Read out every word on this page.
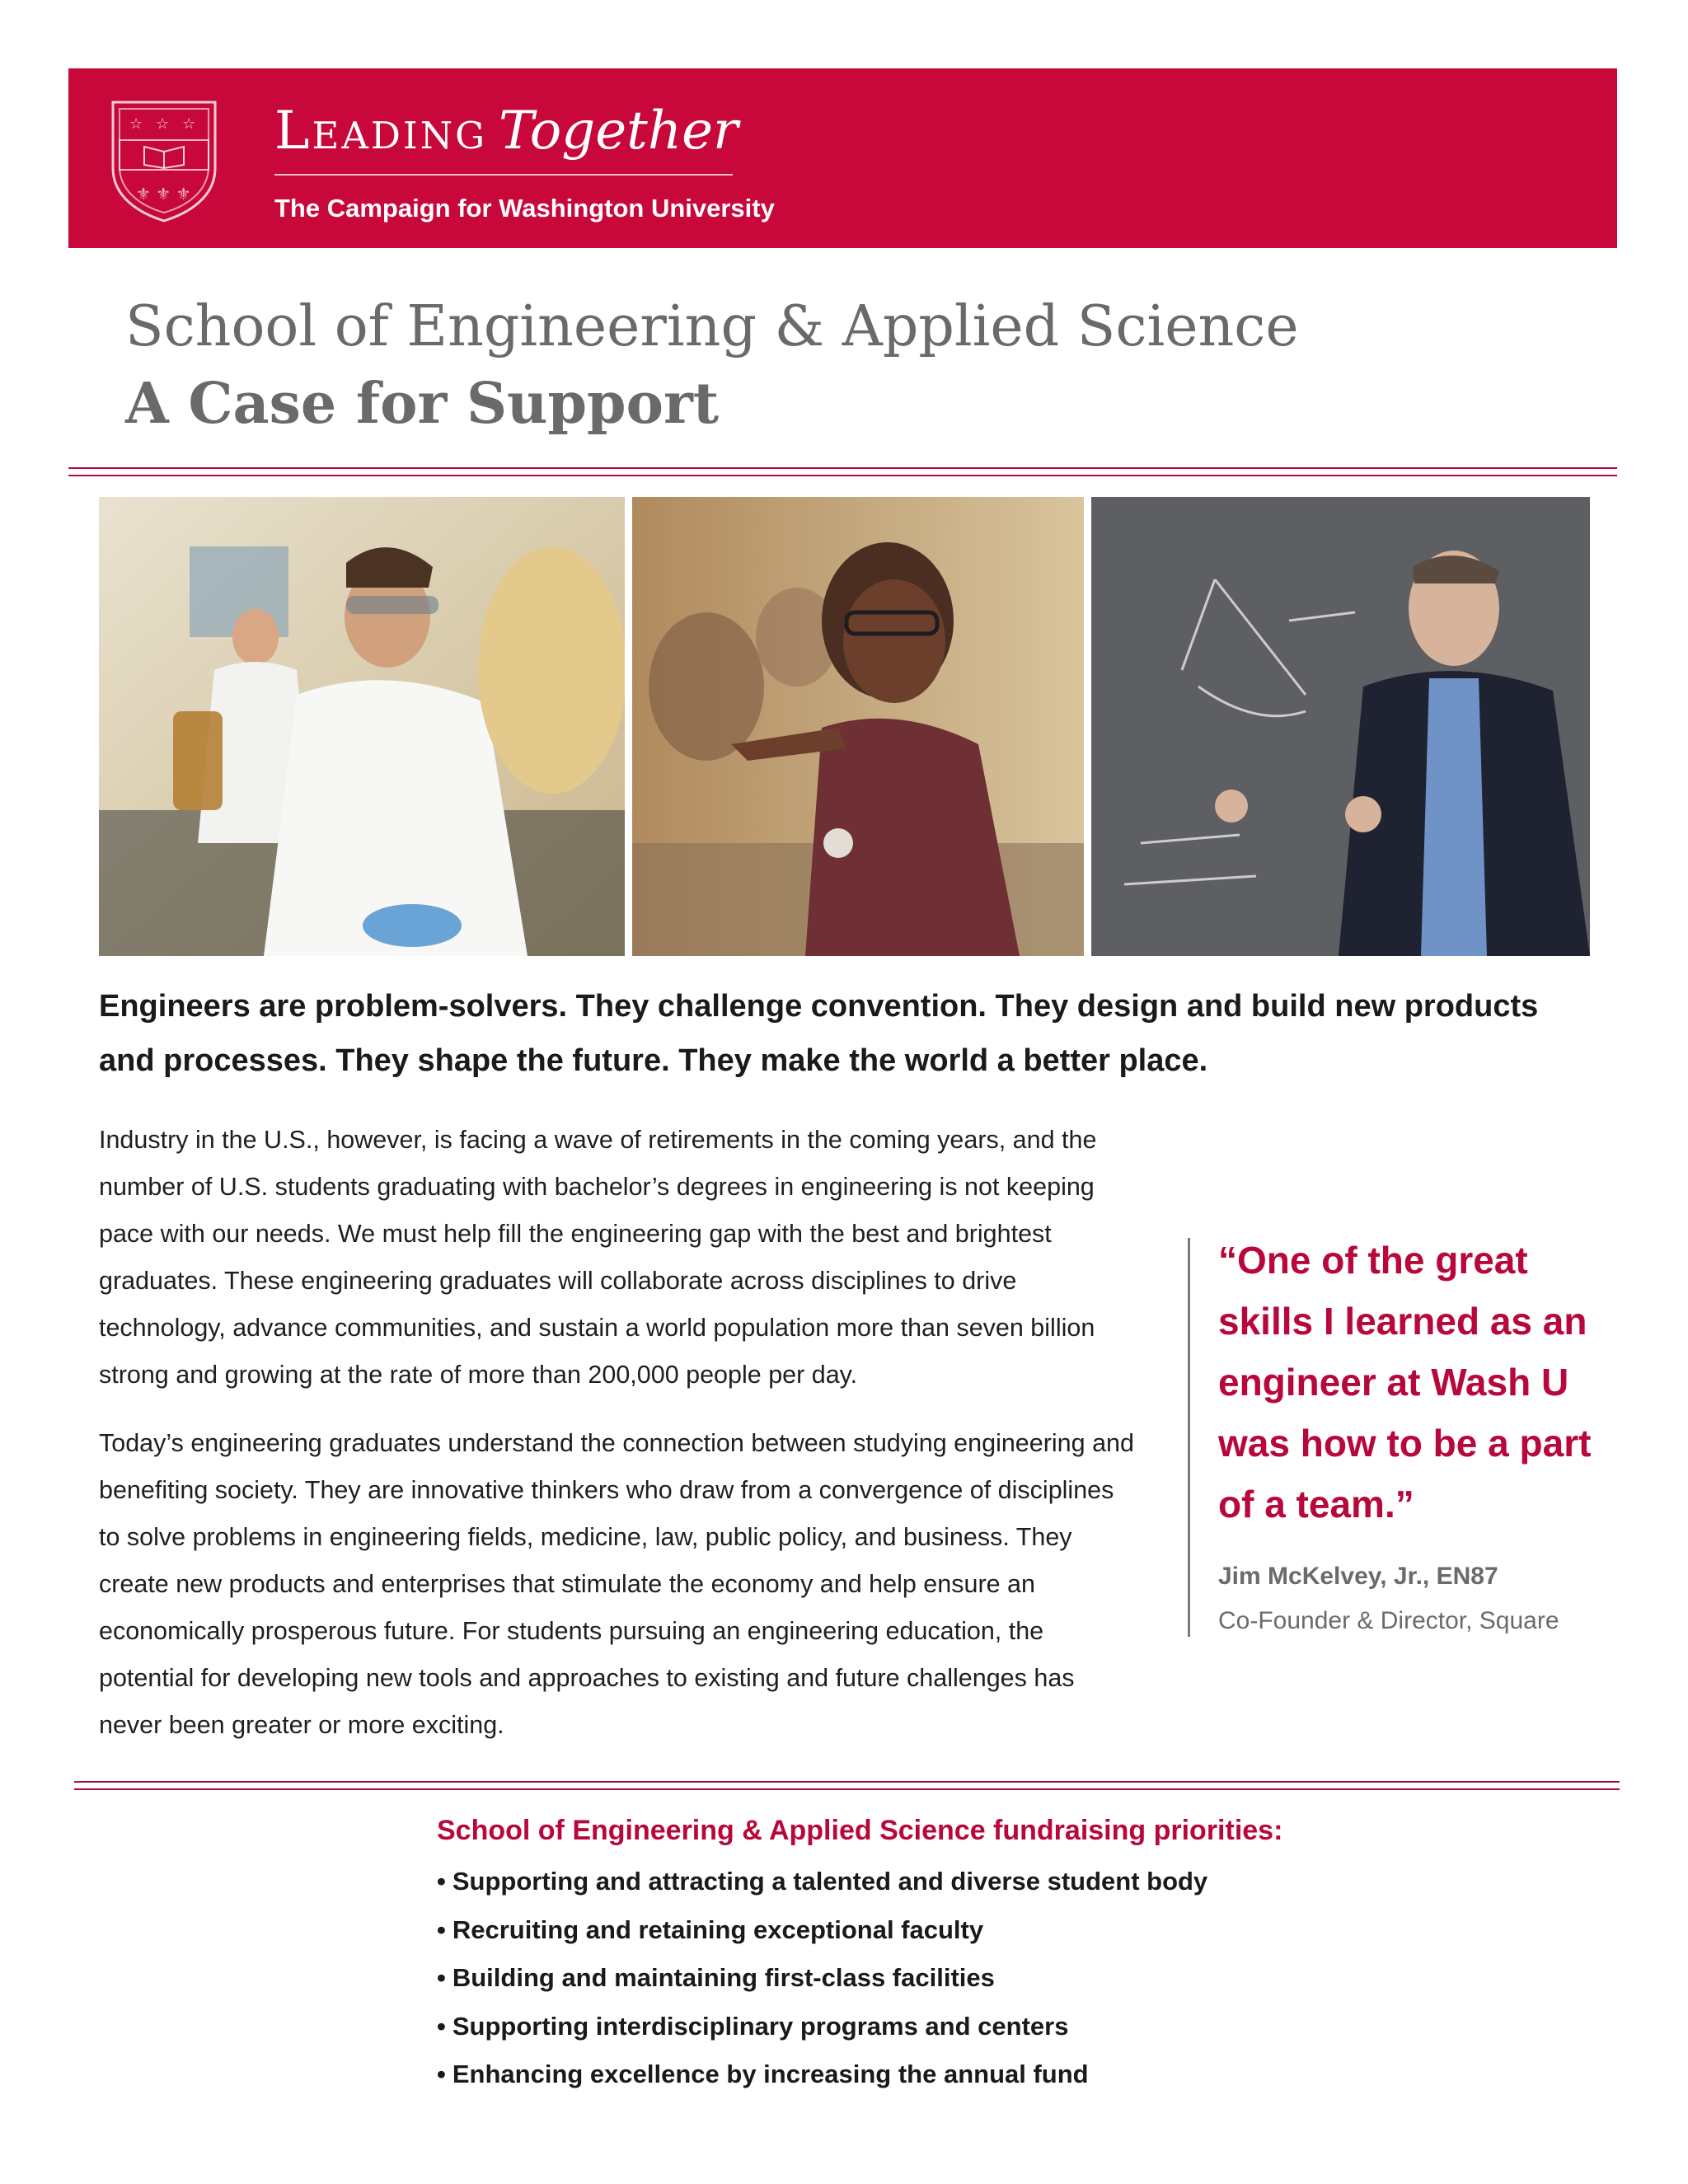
☆ ☆ ☆
⚜ ⚜ ⚜
Leading Together
The Campaign for Washington University
School of Engineering & Applied Science
A Case for Support
Engineers are problem-solvers. They challenge convention. They design and build new products and processes. They shape the future. They make the world a better place.
Industry in the U.S., however, is facing a wave of retirements in the coming years, and the number of U.S. students graduating with bachelor’s degrees in engineering is not keeping pace with our needs. We must help fill the engineering gap with the best and brightest graduates. These engineering graduates will collaborate across disciplines to drive technology, advance communities, and sustain a world population more than seven billion strong and growing at the rate of more than 200,000 people per day.
Today’s engineering graduates understand the connection between studying engineering and benefiting society. They are innovative thinkers who draw from a convergence of disciplines to solve problems in engineering fields, medicine, law, public policy, and business. They create new products and enterprises that stimulate the economy and help ensure an economically prosperous future. For students pursuing an engineering education, the potential for developing new tools and approaches to existing and future challenges has never been greater or more exciting.
“One of the great skills I learned as an engineer at Wash U was how to be a part of a team.”
Jim McKelvey, Jr., EN87
Co-Founder & Director, Square
School of Engineering & Applied Science fundraising priorities:
• Supporting and attracting a talented and diverse student body
• Recruiting and retaining exceptional faculty
• Building and maintaining first-class facilities
• Supporting interdisciplinary programs and centers
• Enhancing excellence by increasing the annual fund
